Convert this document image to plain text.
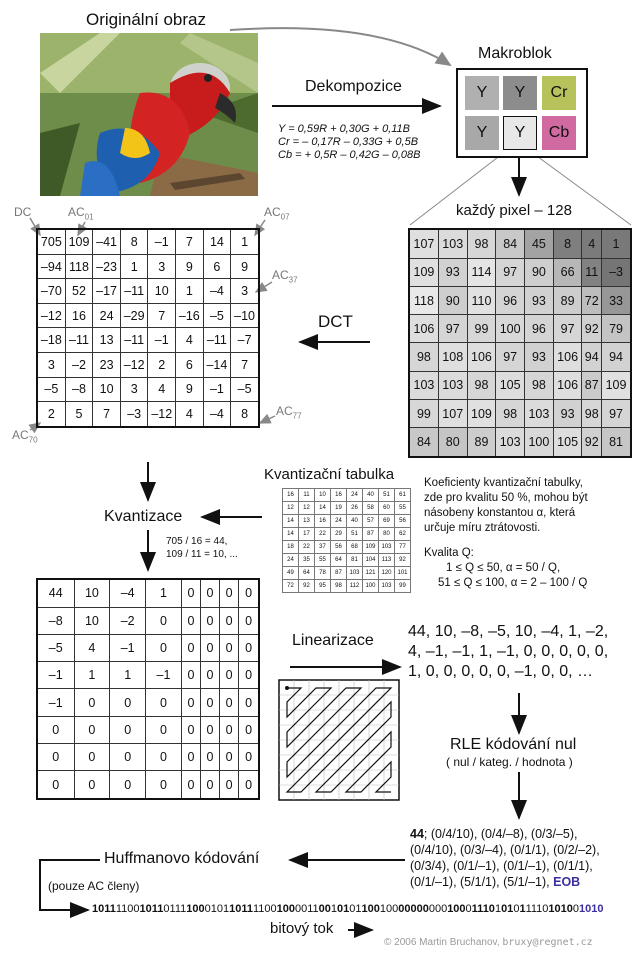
Originální obraz
Makroblok
Y	Y	Cr
Y	Y	Cb
Dekompozice
Y = 0,59R + 0,30G + 0,11B
Cr = – 0,17R – 0,33G + 0,5B
Cb = + 0,5R – 0,42G – 0,08B
každý pixel – 128
107	103	98	84	45	8	4	1
109	93	114	97	90	66	11	–3
118	90	110	96	93	89	72	33
106	97	99	100	96	97	92	79
98	108	106	97	93	106	94	94
103	103	98	105	98	106	87	109
99	107	109	98	103	93	98	97
84	80	89	103	100	105	92	81
DCT
705	109	–41	8	–1	7	14	1
–94	118	–23	1	3	9	6	9
–70	52	–17	–11	10	1	–4	3
–12	16	24	–29	7	–16	–5	–10
–18	–11	13	–11	–1	4	–11	–7
3	–2	23	–12	2	6	–14	7
–5	–8	10	3	4	9	–1	–5
2	5	7	–3	–12	4	–4	8
DC	$AC_{01}$	$AC_{07}$
$AC_{37}$
$AC_{77}$
$AC_{70}$
Kvantizační tabulka
16	11	10	16	24	40	51	61
12	12	14	19	26	58	60	55
14	13	16	24	40	57	69	56
14	17	22	29	51	87	80	62
18	22	37	56	68	109	103	77
24	35	55	64	81	104	113	92
49	64	78	87	103	121	120	101
72	92	95	98	112	100	103	99
Koeficienty kvantizační tabulky,
zde pro kvalitu 50 %, mohou být
násobeny konstantou α, která
určuje míru ztrátovosti.
Kvalita Q:
1 ≤ Q ≤ 50, α = 50 / Q,
51 ≤ Q ≤ 100, α = 2 – 100 / Q
Kvantizace
705 / 16 = 44,
109 / 11 = 10, ...
44	10	–4	1	0	0	0	0
–8	10	–2	0	0	0	0	0
–5	4	–1	0	0	0	0	0
–1	1	1	–1	0	0	0	0
–1	0	0	0	0	0	0	0
0	0	0	0	0	0	0	0
0	0	0	0	0	0	0	0
0	0	0	0	0	0	0	0
Linearizace
44, 10, –8, –5, 10, –4, 1, –2,
4, –1, –1, 1, –1, 0, 0, 0, 0, 0,
1, 0, 0, 0, 0, 0, –1, 0, 0, …
RLE kódování nul
( nul / kateg. / hodnota )
44; (0/4/10), (0/4/–8), (0/3/–5),
(0/4/10), (0/3/–4), (0/1/1), (0/2/–2),
(0/3/4), (0/1/–1), (0/1/–1), (0/1/1),
(0/1/–1), (5/1/1), (5/1/–1), EOB
Huffmanovo kódování
(pouze AC členy)
1011110010110111100010110111100100001100101011001000000000010001110101011110101001010
bitový tok
© 2006 Martin Bruchanov, bruxy@regnet.cz
